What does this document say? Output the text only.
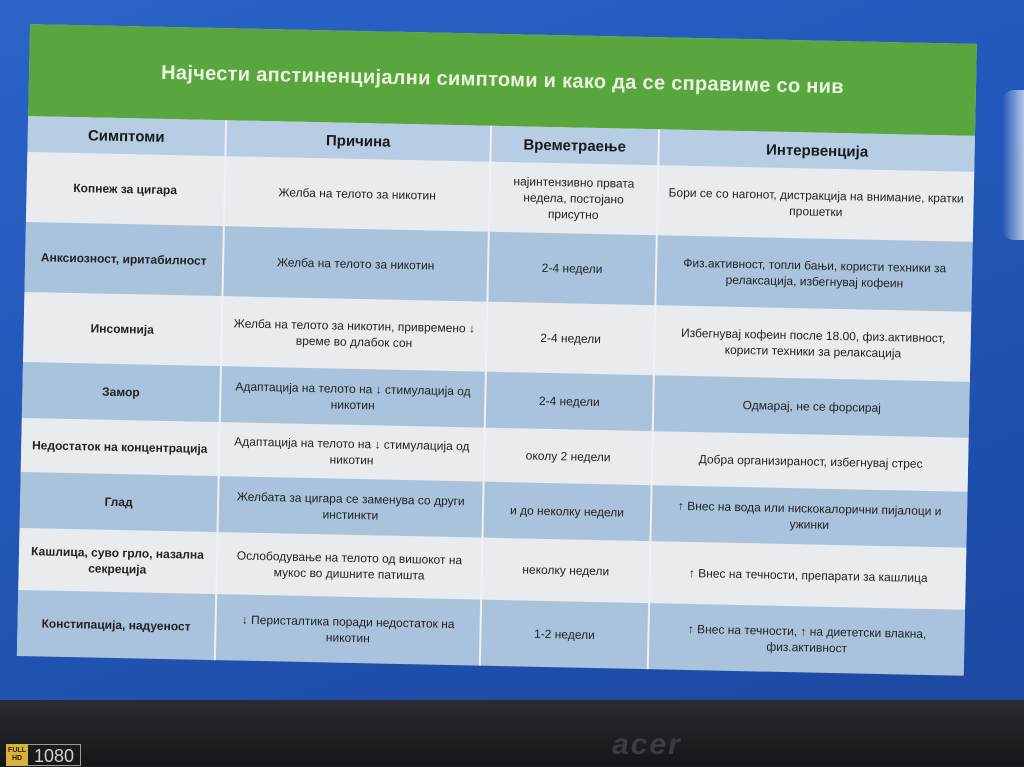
Најчести апстиненцијални симптоми и како да се справиме со нив
Симптоми	Причина	Времетраење	Интервенција
Копнеж за цигара	Желба на телото за никотин	најинтензивно првата недела, постојано присутно	Бори се со нагонот, дистракција на внимание, кратки прошетки
Анксиозност, иритабилност	Желба на телото за никотин	2-4 недели	Физ.активност, топли бањи, користи техники за релаксација, избегнувај кофеин
Инсомнија	Желба на телото за никотин, привремено ↓ време во длабок сон	2-4 недели	Избегнувај кофеин после 18.00, физ.активност, користи техники за релаксација
Замор	Адаптација на телото на ↓ стимулација од никотин	2-4 недели	Одмарај, не се форсирај
Недостаток на концентрација	Адаптација на телото на ↓ стимулација од никотин	околу 2 недели	Добра организираност, избегнувај стрес
Глад	Желбата за цигара се заменува со други инстинкти	и до неколку недели	↑ Внес на вода или нискокалорични пијалоци и ужинки
Кашлица, суво грло, назална секреција	Ослободување на телото од вишокот на мукос во дишните патишта	неколку недели	↑ Внес на течности, препарати за кашлица
Констипација, надуеност	↓ Перисталтика поради недостаток на никотин	1-2 недели	↑ Внес на течности, ↑ на диететски влакна, физ.активност
acer
FULL
HD 1080
